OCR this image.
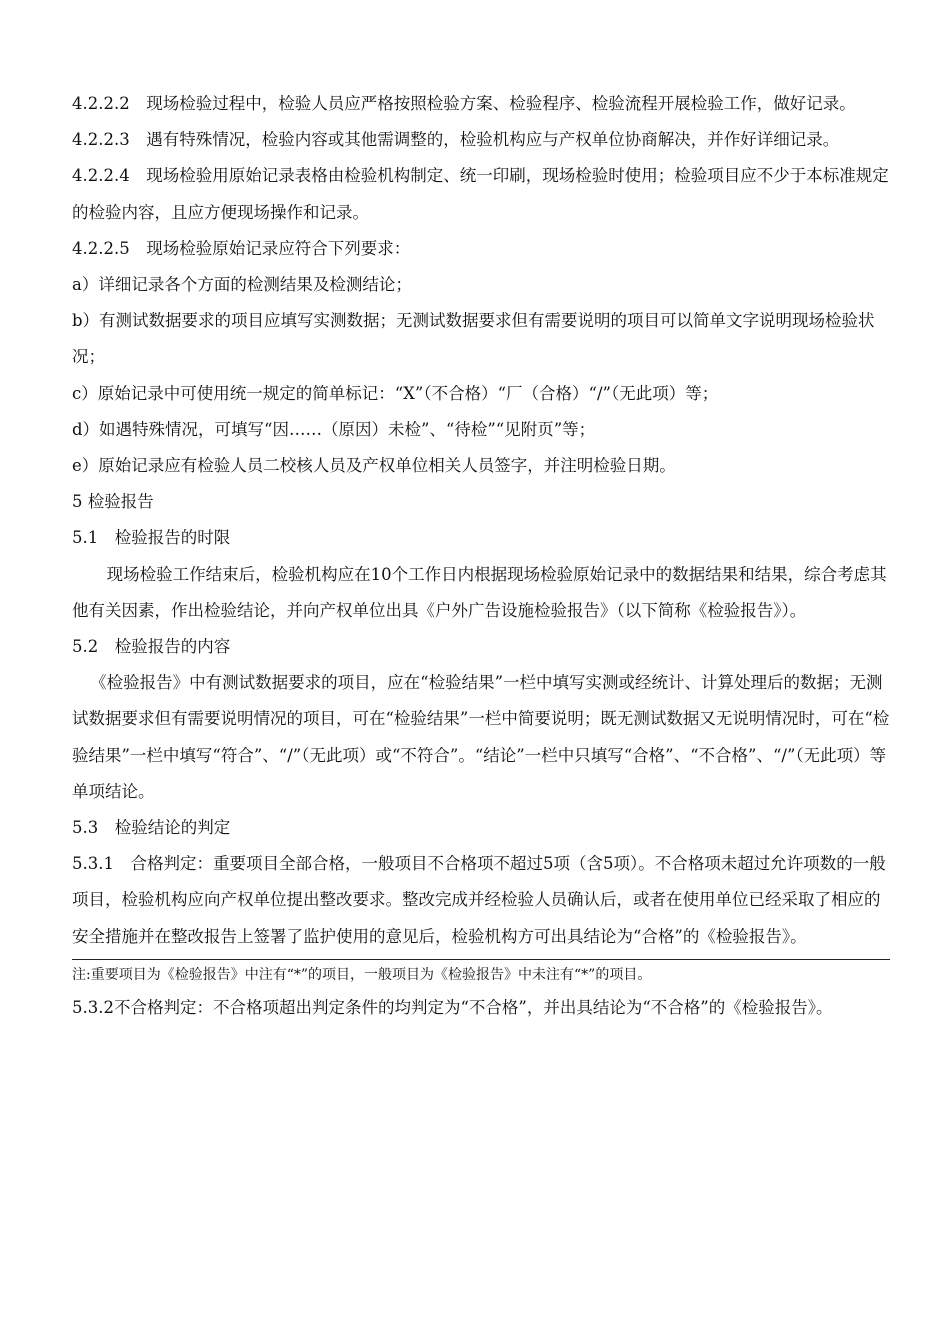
4.2.2.2　现场检验过程中，检验人员应严格按照检验方案、检验程序、检验流程开展检验工作，做好记录。

4.2.2.3　遇有特殊情况，检验内容或其他需调整的，检验机构应与产权单位协商解决，并作好详细记录。

4.2.2.4　现场检验用原始记录表格由检验机构制定、统一印刷，现场检验时使用；检验项目应不少于本标准规定的检验内容，且应方便现场操作和记录。

4.2.2.5　现场检验原始记录应符合下列要求：

a）详细记录各个方面的检测结果及检测结论；

b）有测试数据要求的项目应填写实测数据；无测试数据要求但有需要说明的项目可以简单文字说明现场检验状况；

c）原始记录中可使用统一规定的简单标记：“X”（不合格）“厂（合格）“/”（无此项）等；

d）如遇特殊情况，可填写“因……（原因）未检”、“待检”“见附页”等；

e）原始记录应有检验人员二校核人员及产权单位相关人员签字，并注明检验日期。

5 检验报告

5.1　检验报告的时限

现场检验工作结束后，检验机构应在10个工作日内根据现场检验原始记录中的数据结果和结果，综合考虑其他有关因素，作出检验结论，并向产权单位出具《户外广告设施检验报告》（以下简称《检验报告》）。

5.2　检验报告的内容

《检验报告》中有测试数据要求的项目，应在“检验结果”一栏中填写实测或经统计、计算处理后的数据；无测试数据要求但有需要说明情况的项目，可在“检验结果”一栏中简要说明；既无测试数据又无说明情况时，可在“检验结果”一栏中填写“符合”、“/”（无此项）或“不符合”。“结论”一栏中只填写“合格”、“不合格”、“/”（无此项）等单项结论。

5.3　检验结论的判定

5.3.1　合格判定：重要项目全部合格，一般项目不合格项不超过5项（含5项）。不合格项未超过允许项数的一般项目，检验机构应向产权单位提出整改要求。整改完成并经检验人员确认后，或者在使用单位已经采取了相应的安全措施并在整改报告上签署了监护使用的意见后，检验机构方可出具结论为“合格”的《检验报告》。

注:重要项目为《检验报告》中注有“*”的项目，一般项目为《检验报告》中未注有“*”的项目。

5.3.2不合格判定：不合格项超出判定条件的均判定为“不合格”，并出具结论为“不合格”的《检验报告》。
